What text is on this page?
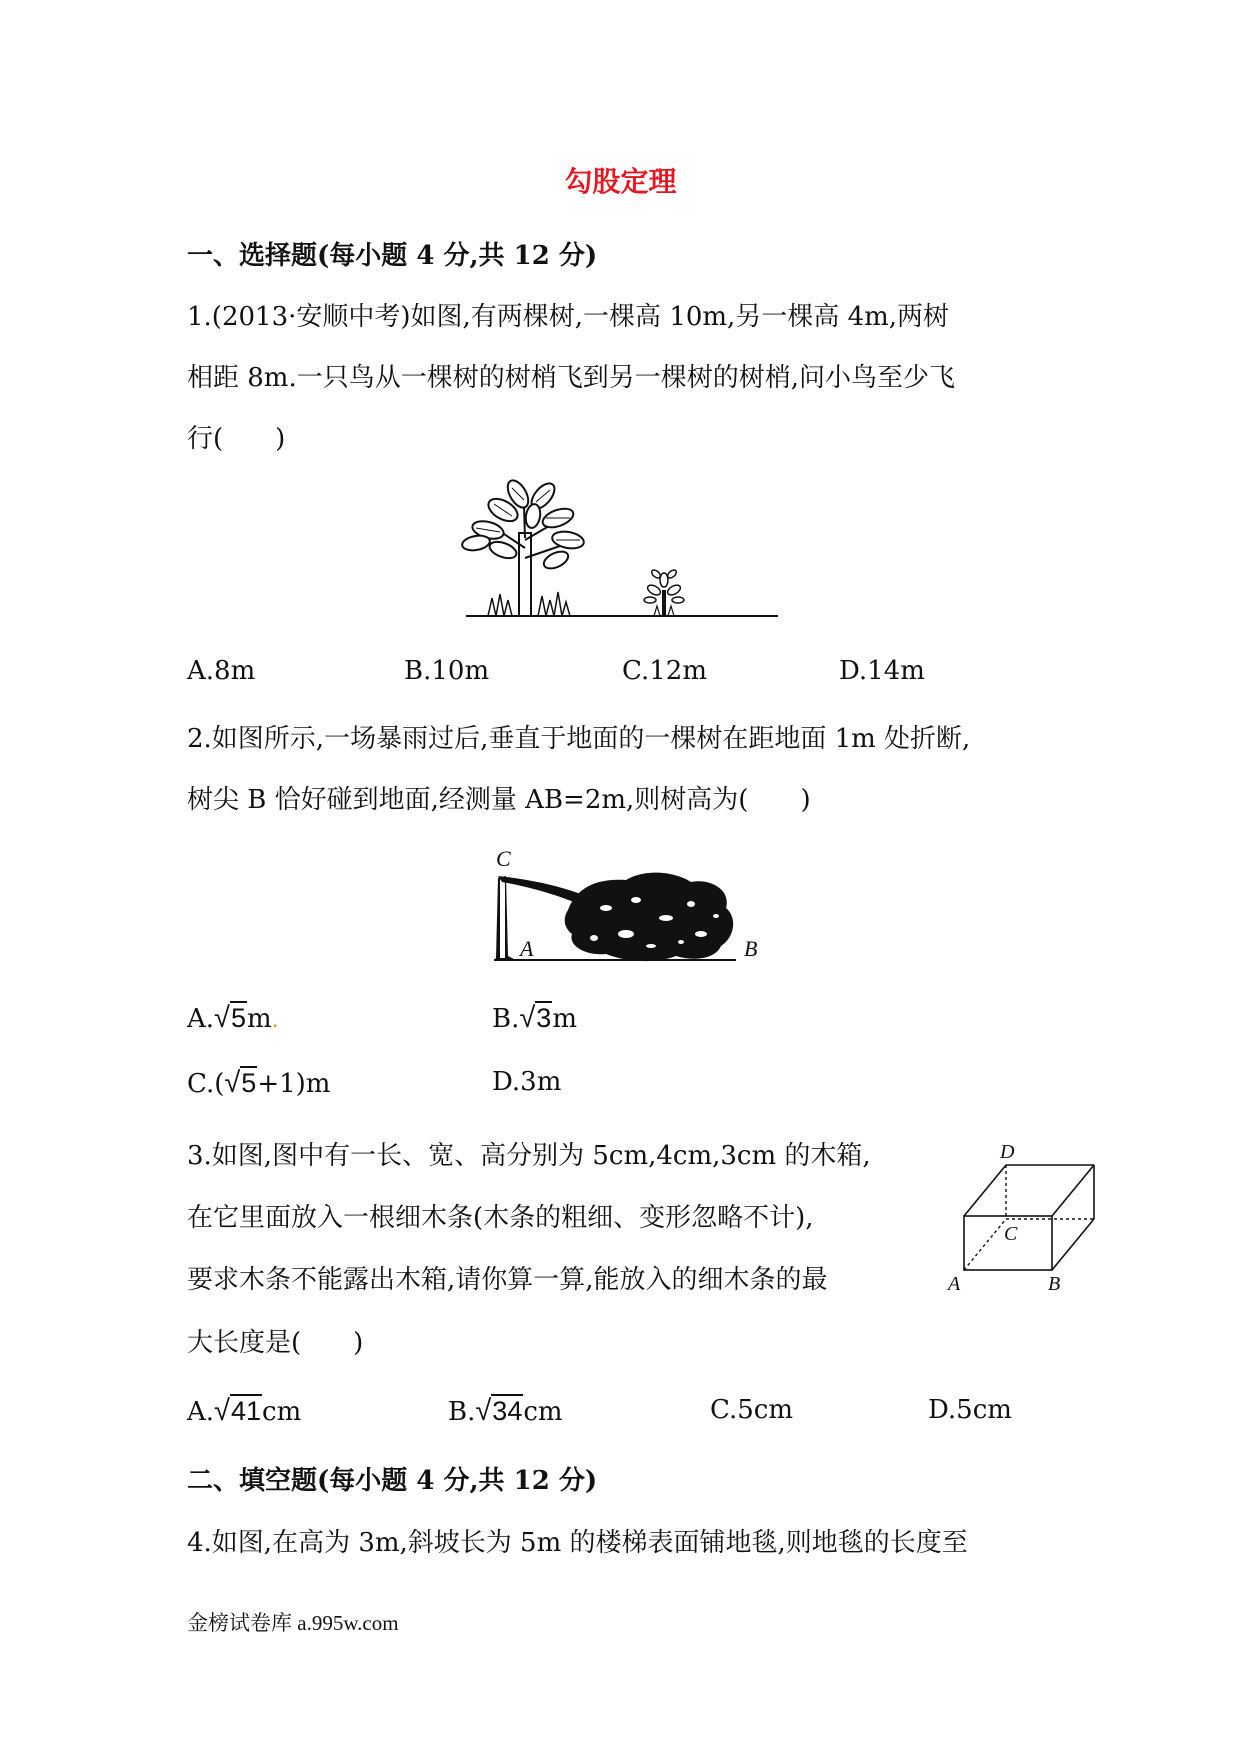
勾股定理
一、选择题(每小题 4 分,共 12 分)
1.(2013·安顺中考)如图,有两棵树,一棵高 10m,另一棵高 4m,两树
相距 8m.一只鸟从一棵树的树梢飞到另一棵树的树梢,问小鸟至少飞
行(　　)
A.8m	B.10m	C.12m	D.14m
2.如图所示,一场暴雨过后,垂直于地面的一棵树在距地面 1m 处折断,
树尖 B 恰好碰到地面,经测量 AB=2m,则树高为(　　)
C
A	B
A.√5m.	B.√3m
C.(√5+1)m	D.3m
3.如图,图中有一长、宽、高分别为 5cm,4cm,3cm 的木箱,
在它里面放入一根细木条(木条的粗细、变形忽略不计),
要求木条不能露出木箱,请你算一算,能放入的细木条的最
大长度是(　　)
D
C
A	B
A.√41cm	B.√34cm	C.5cm	D.5cm
二、填空题(每小题 4 分,共 12 分)
4.如图,在高为 3m,斜坡长为 5m 的楼梯表面铺地毯,则地毯的长度至
金榜试卷库 a.995w.com
